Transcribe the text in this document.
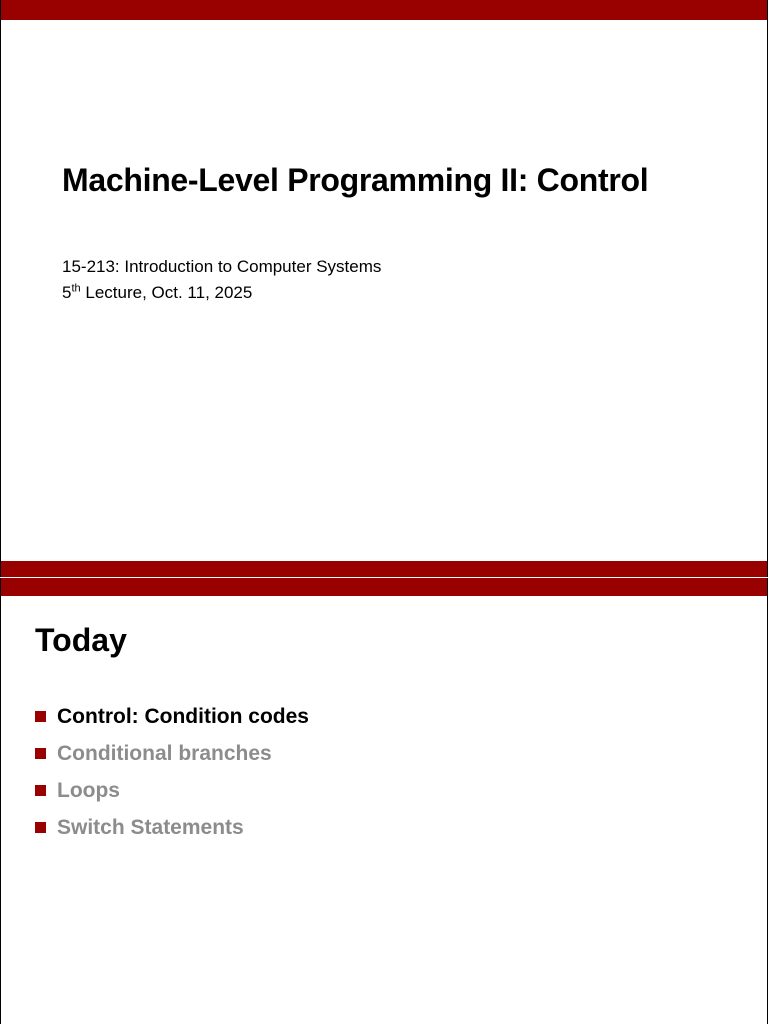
Machine-Level Programming II: Control
15-213: Introduction to Computer Systems
5th Lecture, Oct. 11, 2025
Today
Control: Condition codes
Conditional branches
Loops
Switch Statements
